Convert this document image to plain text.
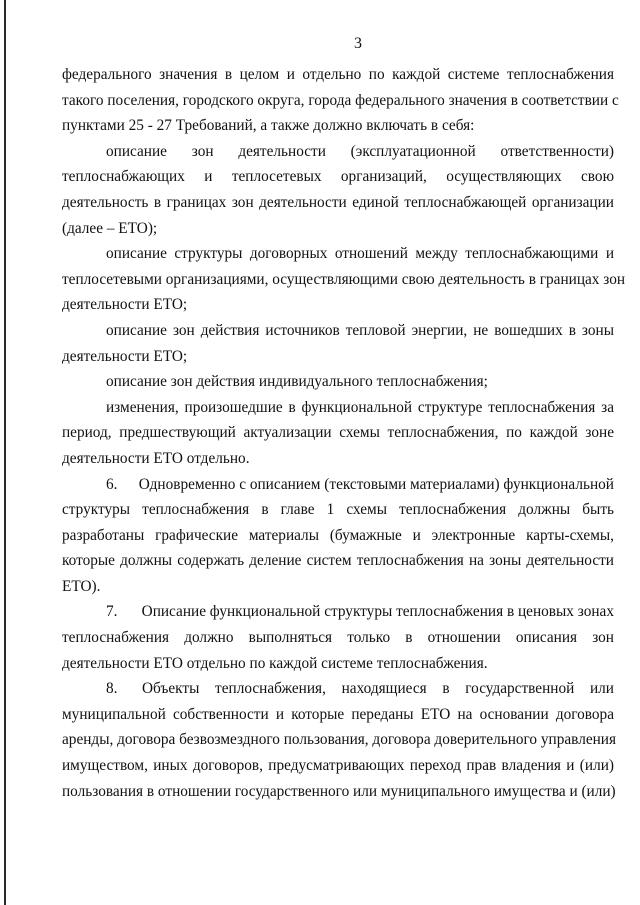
3

федерального значения в целом и отдельно по каждой системе теплоснабжения
такого поселения, городского округа, города федерального значения в соответствии с
пунктами 25 - 27 Требований, а также должно включать в себя:

описание зон деятельности (эксплуатационной ответственности)
теплоснабжающих и теплосетевых организаций, осуществляющих свою
деятельность в границах зон деятельности единой теплоснабжающей организации
(далее – ЕТО);

описание структуры договорных отношений между теплоснабжающими и
теплосетевыми организациями, осуществляющими свою деятельность в границах зон
деятельности ЕТО;

описание зон действия источников тепловой энергии, не вошедших в зоны
деятельности ЕТО;

описание зон действия индивидуального теплоснабжения;

изменения, произошедшие в функциональной структуре теплоснабжения за
период, предшествующий актуализации схемы теплоснабжения, по каждой зоне
деятельности ЕТО отдельно.

6.	Одновременно с описанием (текстовыми материалами) функциональной
структуры теплоснабжения в главе 1 схемы теплоснабжения должны быть
разработаны графические материалы (бумажные и электронные карты-схемы,
которые должны содержать деление систем теплоснабжения на зоны деятельности
ЕТО).

7.	Описание функциональной структуры теплоснабжения в ценовых зонах
теплоснабжения должно выполняться только в отношении описания зон
деятельности ЕТО отдельно по каждой системе теплоснабжения.

8.	Объекты теплоснабжения, находящиеся в государственной или
муниципальной собственности и которые переданы ЕТО на основании договора
аренды, договора безвозмездного пользования, договора доверительного управления
имуществом, иных договоров, предусматривающих переход прав владения и (или)
пользования в отношении государственного или муниципального имущества и (или)
